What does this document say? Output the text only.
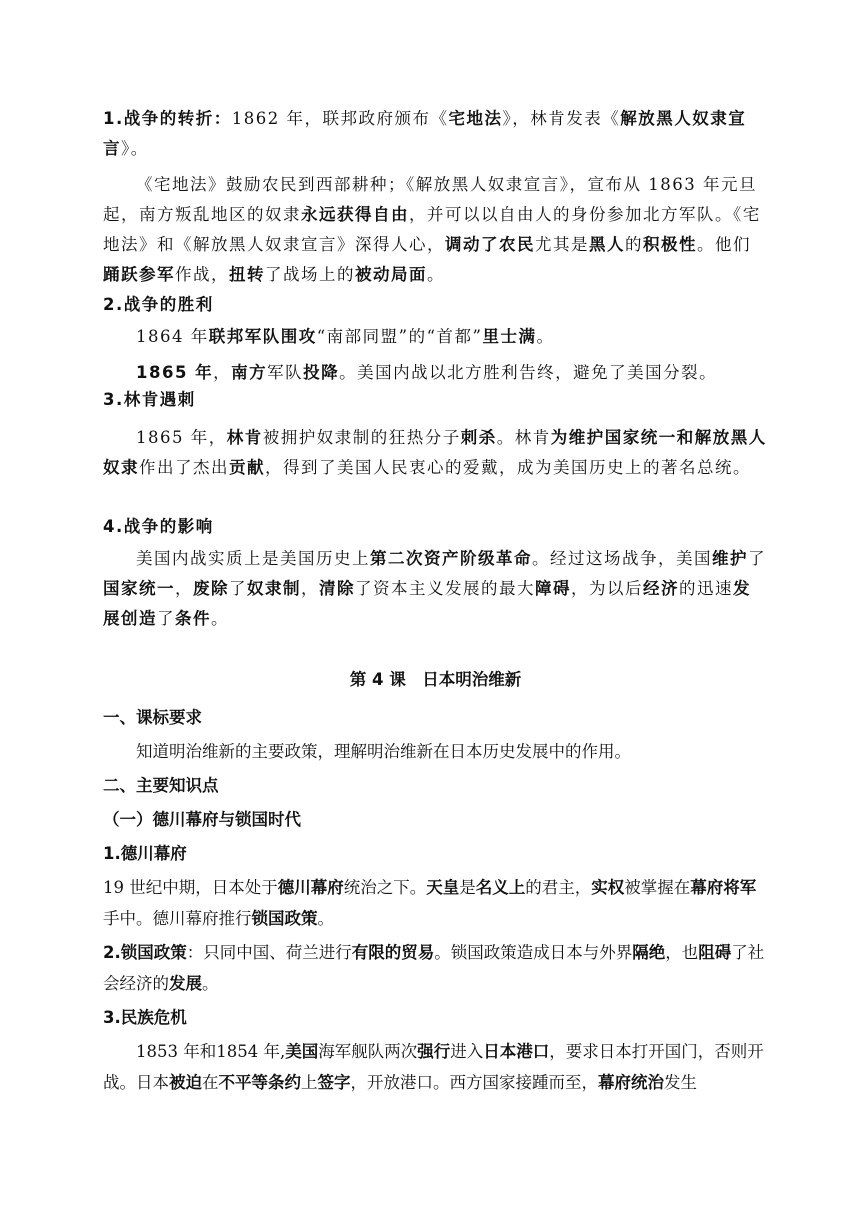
1.战争的转折：1862 年，联邦政府颁布《宅地法》，林肯发表《解放黑人奴隶宣言》。

《宅地法》鼓励农民到西部耕种；《解放黑人奴隶宣言》，宣布从 1863 年元旦起，南方叛乱地区的奴隶永远获得自由，并可以以自由人的身份参加北方军队。《宅地法》和《解放黑人奴隶宣言》深得人心，调动了农民尤其是黑人的积极性。他们踊跃参军作战，扭转了战场上的被动局面。

2.战争的胜利

1864 年联邦军队围攻“南部同盟”的“首都”里士满。

1865 年，南方军队投降。美国内战以北方胜利告终，避免了美国分裂。

3.林肯遇刺

1865 年，林肯被拥护奴隶制的狂热分子刺杀。林肯为维护国家统一和解放黑人奴隶作出了杰出贡献，得到了美国人民衷心的爱戴，成为美国历史上的著名总统。

4.战争的影响

美国内战实质上是美国历史上第二次资产阶级革命。经过这场战争，美国维护了国家统一，废除了奴隶制，清除了资本主义发展的最大障碍，为以后经济的迅速发展创造了条件。

第 4 课　日本明治维新

一、课标要求

知道明治维新的主要政策，理解明治维新在日本历史发展中的作用。

二、主要知识点

（一）德川幕府与锁国时代

1.德川幕府

19 世纪中期，日本处于德川幕府统治之下。天皇是名义上的君主，实权被掌握在幕府将军手中。德川幕府推行锁国政策。

2.锁国政策：只同中国、荷兰进行有限的贸易。锁国政策造成日本与外界隔绝，也阻碍了社会经济的发展。

3.民族危机

1853 年和1854 年,美国海军舰队两次强行进入日本港口，要求日本打开国门，否则开战。日本被迫在不平等条约上签字，开放港口。西方国家接踵而至，幕府统治发生
